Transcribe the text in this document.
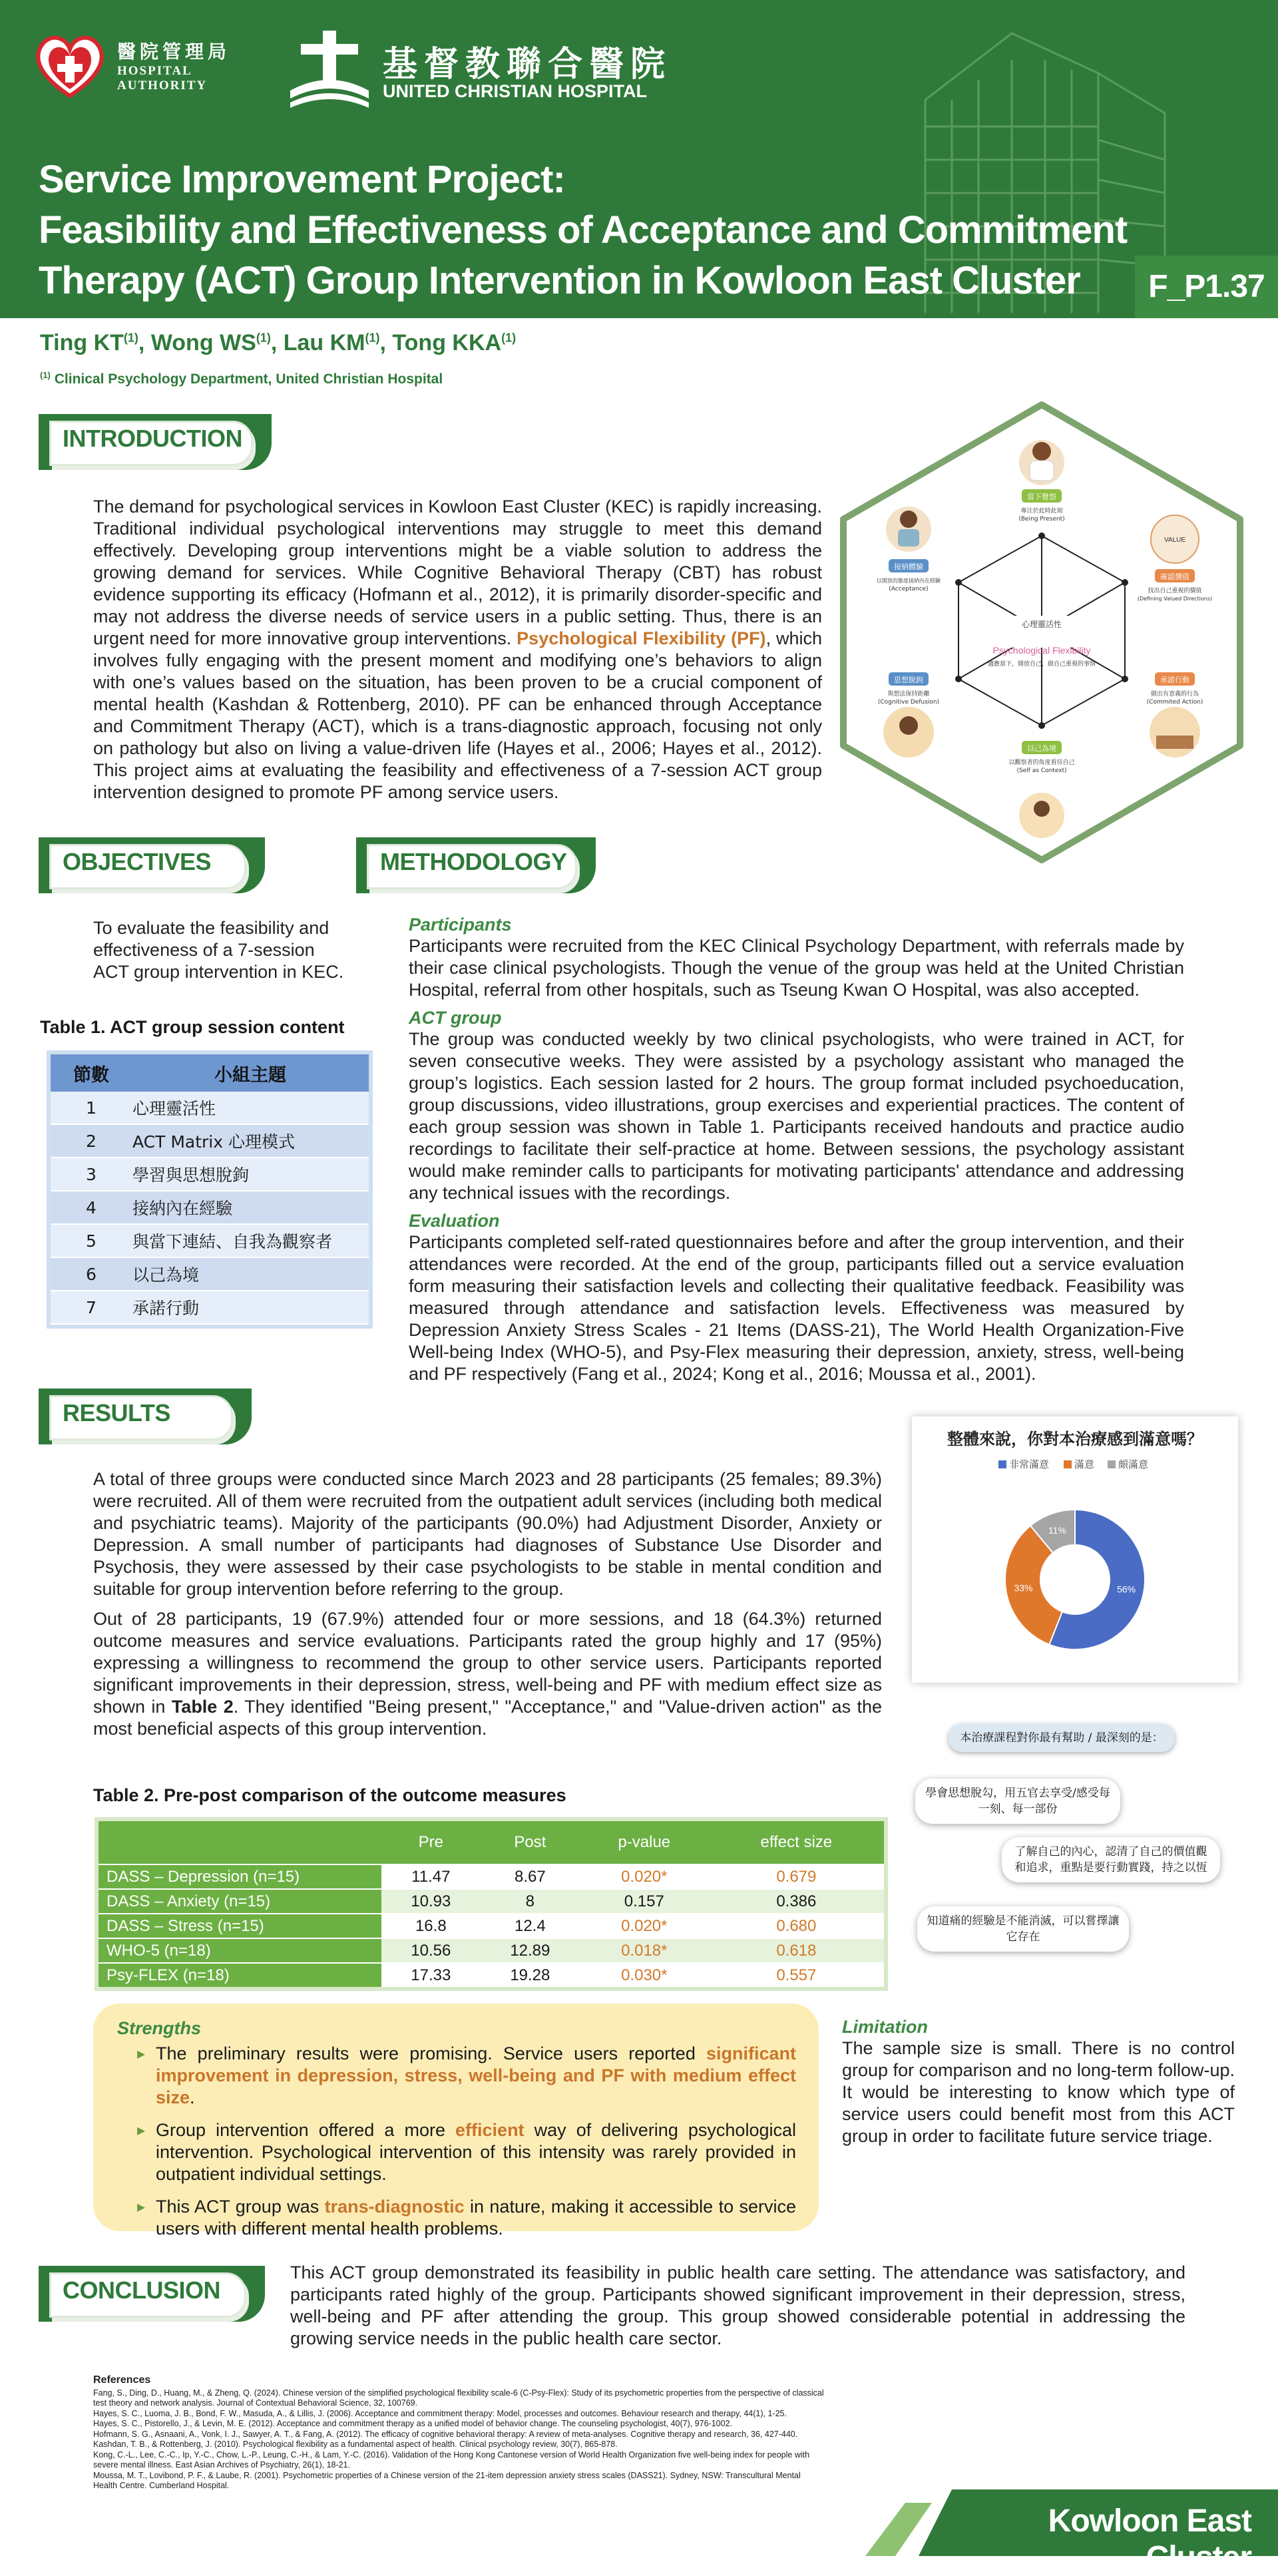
醫院管理局
HOSPITAL
AUTHORITY
基督教聯合醫院
UNITED CHRISTIAN HOSPITAL
Service Improvement Project:
Feasibility and Effectiveness of Acceptance and Commitment
Therapy (ACT) Group Intervention in Kowloon East Cluster	F_P1.37
Ting KT$^{(1)}$, Wong WS$^{(1)}$, Lau KM$^{(1)}$, Tong KKA$^{(1)}$
$^{(1)}$ Clinical Psychology Department, United Christian Hospital
INTRODUCTION
The demand for psychological services in Kowloon East Cluster (KEC) is rapidly increasing. Traditional individual psychological interventions may struggle to meet this demand effectively. Developing group interventions might be a viable solution to address the growing demand for services. While Cognitive Behavioral Therapy (CBT) has robust evidence supporting its efficacy (Hofmann et al., 2012), it is primarily disorder-specific and may not address the diverse needs of service users in a public setting. Thus, there is an urgent need for more innovative group interventions. Psychological Flexibility (PF), which involves fully engaging with the present moment and modifying one’s behaviors to align with one’s values based on the situation, has been proven to be a crucial component of mental health (Kashdan & Rottenberg, 2010). PF can be enhanced through Acceptance and Commitment Therapy (ACT), which is a trans-diagnostic approach, focusing not only on pathology but also on living a value-driven life (Hayes et al., 2006; Hayes et al., 2012). This project aims at evaluating the feasibility and effectiveness of a 7-session ACT group intervention designed to promote PF among service users.
心理靈活性
Psychological Flexibility
適應當下，開放自己，做自己重視的事情
VALUE
當下覺察
專注於此時此刻
(Being Present)
確認價值
找出自己重視的價值
(Defining Valued Directions)
承諾行動
做出有意義的行為
(Commited Action)
以己為境
以觀察者的角度看待自己
(Self as Context)
思想脫鉤
與想法保持距離
(Cognitive Defusion)
接納體驗
以開放的態度接納內在經驗
(Acceptance)
OBJECTIVES
To evaluate the feasibility and effectiveness of a 7-session ACT group intervention in KEC.
Table 1. ACT group session content
節數	小組主題
1	心理靈活性
2	ACT Matrix 心理模式
3	學習與思想脫鉤
4	接納內在經驗
5	與當下連結、自我為觀察者
6	以己為境
7	承諾行動
METHODOLOGY
Participants
Participants were recruited from the KEC Clinical Psychology Department, with referrals made by their case clinical psychologists. Though the venue of the group was held at the United Christian Hospital, referral from other hospitals, such as Tseung Kwan O Hospital, was also accepted.
ACT group
The group was conducted weekly by two clinical psychologists, who were trained in ACT, for seven consecutive weeks. They were assisted by a psychology assistant who managed the group’s logistics. Each session lasted for 2 hours. The group format included psychoeducation, group discussions, video illustrations, group exercises and experiential practices. The content of each group session was shown in Table 1. Participants received handouts and practice audio recordings to facilitate their self-practice at home. Between sessions, the psychology assistant would make reminder calls to participants for motivating participants' attendance and addressing any technical issues with the recordings.
Evaluation
Participants completed self-rated questionnaires before and after the group intervention, and their attendances were recorded. At the end of the group, participants filled out a service evaluation form measuring their satisfaction levels and collecting their qualitative feedback. Feasibility was measured through attendance and satisfaction levels. Effectiveness was measured by Depression Anxiety Stress Scales - 21 Items (DASS-21), The World Health Organization-Five Well-being Index (WHO-5), and Psy-Flex measuring their depression, anxiety, stress, well-being and PF respectively (Fang et al., 2024; Kong et al., 2016; Moussa et al., 2001).
RESULTS
A total of three groups were conducted since March 2023 and 28 participants (25 females; 89.3%) were recruited. All of them were recruited from the outpatient adult services (including both medical and psychiatric teams). Majority of the participants (90.0%) had Adjustment Disorder, Anxiety or Depression. A small number of participants had diagnoses of Substance Use Disorder and Psychosis, they were assessed by their case psychologists to be stable in mental condition and suitable for group intervention before referring to the group.
Out of 28 participants, 19 (67.9%) attended four or more sessions, and 18 (64.3%) returned outcome measures and service evaluations. Participants rated the group highly and 17 (95%) expressing a willingness to recommend the group to other service users. Participants reported significant improvements in their depression, stress, well-being and PF with medium effect size as shown in Table 2. They identified "Being present," "Acceptance," and "Value-driven action" as the most beneficial aspects of this group intervention.
整體來說，你對本治療感到滿意嗎？
非常滿意	滿意 頗滿意
56%
33%
11%
本治療課程對你最有幫助 / 最深刻的是：
學會思想脫勾，用五官去享受/感受每一刻、每一部份
了解自己的內心，認清了自己的價值觀和追求，重點是要行動實踐，持之以恆
知道痛的經驗是不能消滅，可以嘗擇讓它存在
Table 2. Pre-post comparison of the outcome measures
	Pre	Post	p-value	effect size
DASS – Depression (n=15)	11.47	8.67	0.020*	0.679
DASS – Anxiety (n=15)	10.93	8	0.157	0.386
DASS – Stress (n=15)	16.8	12.4	0.020*	0.680
WHO-5 (n=18)	10.56	12.89	0.018*	0.618
Psy-FLEX (n=18)	17.33	19.28	0.030*	0.557
Strengths
▸ The preliminary results were promising. Service users reported significant improvement in depression, stress, well-being and PF with medium effect size.
▸ Group intervention offered a more efficient way of delivering psychological intervention. Psychological intervention of this intensity was rarely provided in outpatient individual settings.
▸ This ACT group was trans-diagnostic in nature, making it accessible to service users with different mental health problems.
Limitation
The sample size is small. There is no control group for comparison and no long-term follow-up. It would be interesting to know which type of service users could benefit most from this ACT group in order to facilitate future service triage.
CONCLUSION
This ACT group demonstrated its feasibility in public health care setting. The attendance was satisfactory, and participants rated highly of the group. Participants showed significant improvement in their depression, stress, well-being and PF after attending the group. This group showed considerable potential in addressing the growing service needs in the public health care sector.
References
Fang, S., Ding, D., Huang, M., & Zheng, Q. (2024). Chinese version of the simplified psychological flexibility scale-6 (C-Psy-Flex): Study of its psychometric properties from the perspective of classical test theory and network analysis. Journal of Contextual Behavioral Science, 32, 100769.
Hayes, S. C., Luoma, J. B., Bond, F. W., Masuda, A., & Lillis, J. (2006). Acceptance and commitment therapy: Model, processes and outcomes. Behaviour research and therapy, 44(1), 1-25.
Hayes, S. C., Pistorello, J., & Levin, M. E. (2012). Acceptance and commitment therapy as a unified model of behavior change. The counseling psychologist, 40(7), 976-1002.
Hofmann, S. G., Asnaani, A., Vonk, I. J., Sawyer, A. T., & Fang, A. (2012). The efficacy of cognitive behavioral therapy: A review of meta-analyses. Cognitive therapy and research, 36, 427-440.
Kashdan, T. B., & Rottenberg, J. (2010). Psychological flexibility as a fundamental aspect of health. Clinical psychology review, 30(7), 865-878.
Kong, C.-L., Lee, C.-C., Ip, Y.-C., Chow, L.-P., Leung, C.-H., & Lam, Y.-C. (2016). Validation of the Hong Kong Cantonese version of World Health Organization five well-being index for people with severe mental illness. East Asian Archives of Psychiatry, 26(1), 18-21.
Moussa, M. T., Lovibond, P. F., & Laube, R. (2001). Psychometric properties of a Chinese version of the 21-item depression anxiety stress scales (DASS21). Sydney, NSW: Transcultural Mental Health Centre. Cumberland Hospital.
Kowloon East Cluster
